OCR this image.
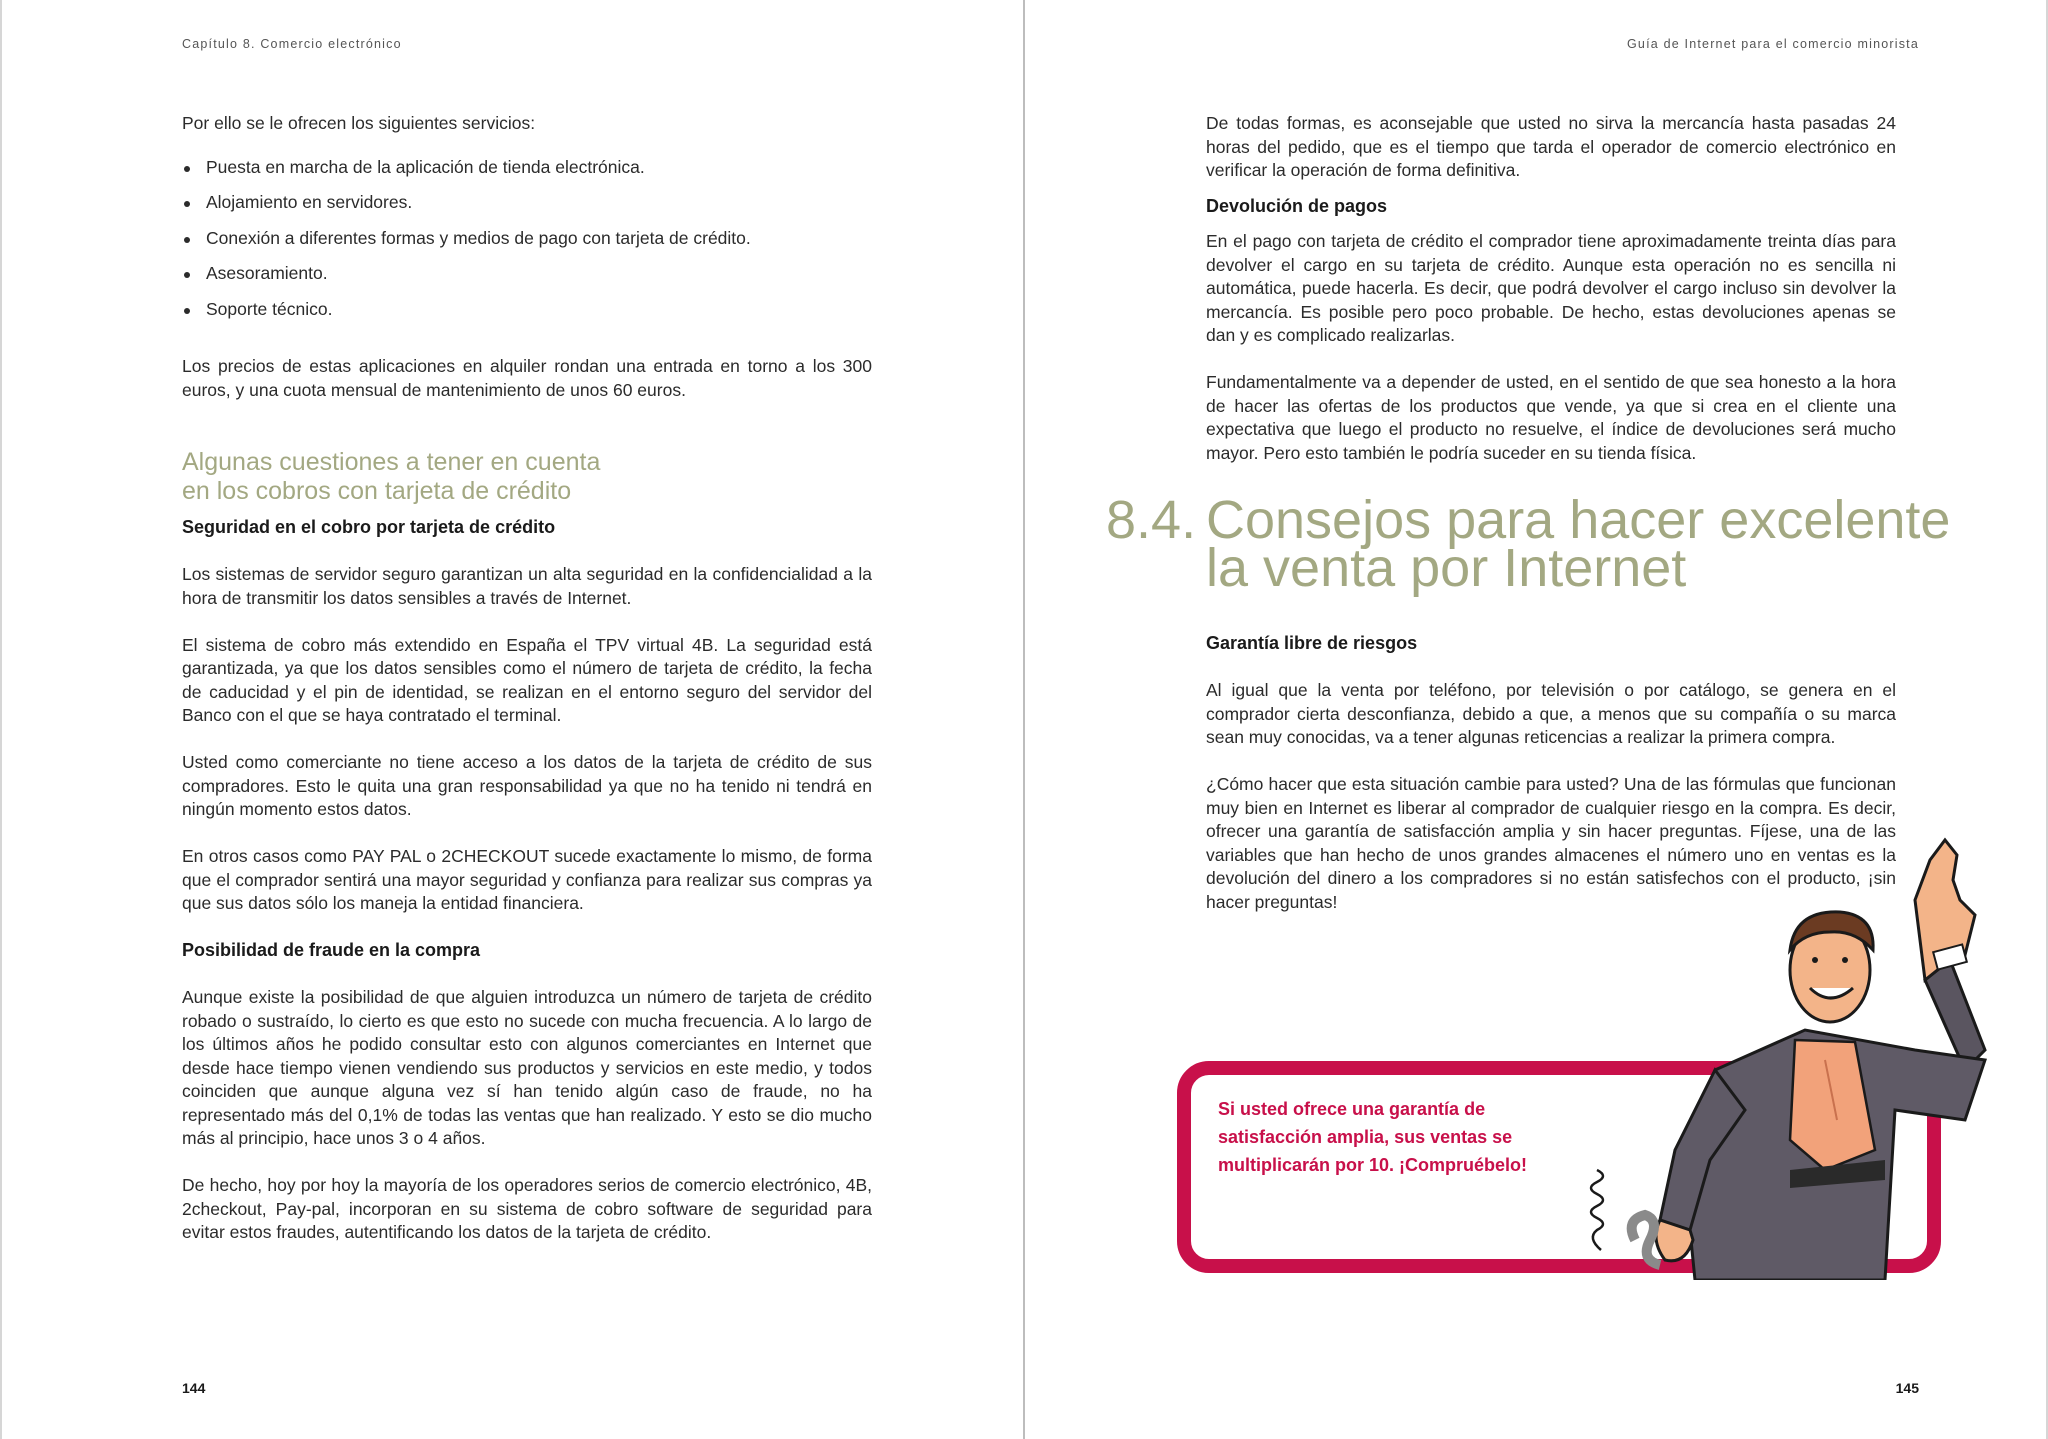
Capítulo 8. Comercio electrónico

Por ello se le ofrecen los siguientes servicios:

Puesta en marcha de la aplicación de tienda electrónica.
Alojamiento en servidores.
Conexión a diferentes formas y medios de pago con tarjeta de crédito.
Asesoramiento.
Soporte técnico.

Los precios de estas aplicaciones en alquiler rondan una entrada en torno a los 300 euros, y una cuota mensual de mantenimiento de unos 60 euros.

Algunas cuestiones a tener en cuenta
en los cobros con tarjeta de crédito
Seguridad en el cobro por tarjeta de crédito

Los sistemas de servidor seguro garantizan un alta seguridad en la confidencialidad a la hora de transmitir los datos sensibles a través de Internet.

El sistema de cobro más extendido en España el TPV virtual 4B. La seguridad está garantizada, ya que los datos sensibles como el número de tarjeta de crédito, la fecha de caducidad y el pin de identidad, se realizan en el entorno seguro del servidor del Banco con el que se haya contratado el terminal.

Usted como comerciante no tiene acceso a los datos de la tarjeta de crédito de sus compradores. Esto le quita una gran responsabilidad ya que no ha tenido ni tendrá en ningún momento estos datos.

En otros casos como PAY PAL o 2CHECKOUT sucede exactamente lo mismo, de forma que el comprador sentirá una mayor seguridad y confianza para realizar sus compras ya que sus datos sólo los maneja la entidad financiera.

Posibilidad de fraude en la compra

Aunque existe la posibilidad de que alguien introduzca un número de tarjeta de crédito robado o sustraído, lo cierto es que esto no sucede con mucha frecuencia. A lo largo de los últimos años he podido consultar esto con algunos comerciantes en Internet que desde hace tiempo vienen vendiendo sus productos y servicios en este medio, y todos coinciden que aunque alguna vez sí han tenido algún caso de fraude, no ha representado más del 0,1% de todas las ventas que han realizado. Y esto se dio mucho más al principio, hace unos 3 o 4 años.

De hecho, hoy por hoy la mayoría de los operadores serios de comercio electrónico, 4B, 2checkout, Pay-pal, incorporan en su sistema de cobro software de seguridad para evitar estos fraudes, autentificando los datos de la tarjeta de crédito.

144
Guía de Internet para el comercio minorista

De todas formas, es aconsejable que usted no sirva la mercancía hasta pasadas 24 horas del pedido, que es el tiempo que tarda el operador de comercio electrónico en verificar la operación de forma definitiva.

Devolución de pagos

En el pago con tarjeta de crédito el comprador tiene aproximadamente treinta días para devolver el cargo en su tarjeta de crédito. Aunque esta operación no es sencilla ni automática, puede hacerla. Es decir, que podrá devolver el cargo incluso sin devolver la mercancía. Es posible pero poco probable. De hecho, estas devoluciones apenas se dan y es complicado realizarlas.

Fundamentalmente va a depender de usted, en el sentido de que sea honesto a la hora de hacer las ofertas de los productos que vende, ya que si crea en el cliente una expectativa que luego el producto no resuelve, el índice de devoluciones será mucho mayor. Pero esto también le podría suceder en su tienda física.

8.4. Consejos para hacer excelente
la venta por Internet
Garantía libre de riesgos

Al igual que la venta por teléfono, por televisión o por catálogo, se genera en el comprador cierta desconfianza, debido a que, a menos que su compañía o su marca sean muy conocidas, va a tener algunas reticencias a realizar la primera compra.

¿Cómo hacer que esta situación cambie para usted? Una de las fórmulas que funcionan muy bien en Internet es liberar al comprador de cualquier riesgo en la compra. Es decir, ofrecer una garantía de satisfacción amplia y sin hacer preguntas. Fíjese, una de las variables que han hecho de unos grandes almacenes el número uno en ventas es la devolución del dinero a los compradores si no están satisfechos con el producto, ¡sin hacer preguntas!

Si usted ofrece una garantía de satisfacción amplia, sus ventas se multiplicarán por 10. ¡Compruébelo!
145
